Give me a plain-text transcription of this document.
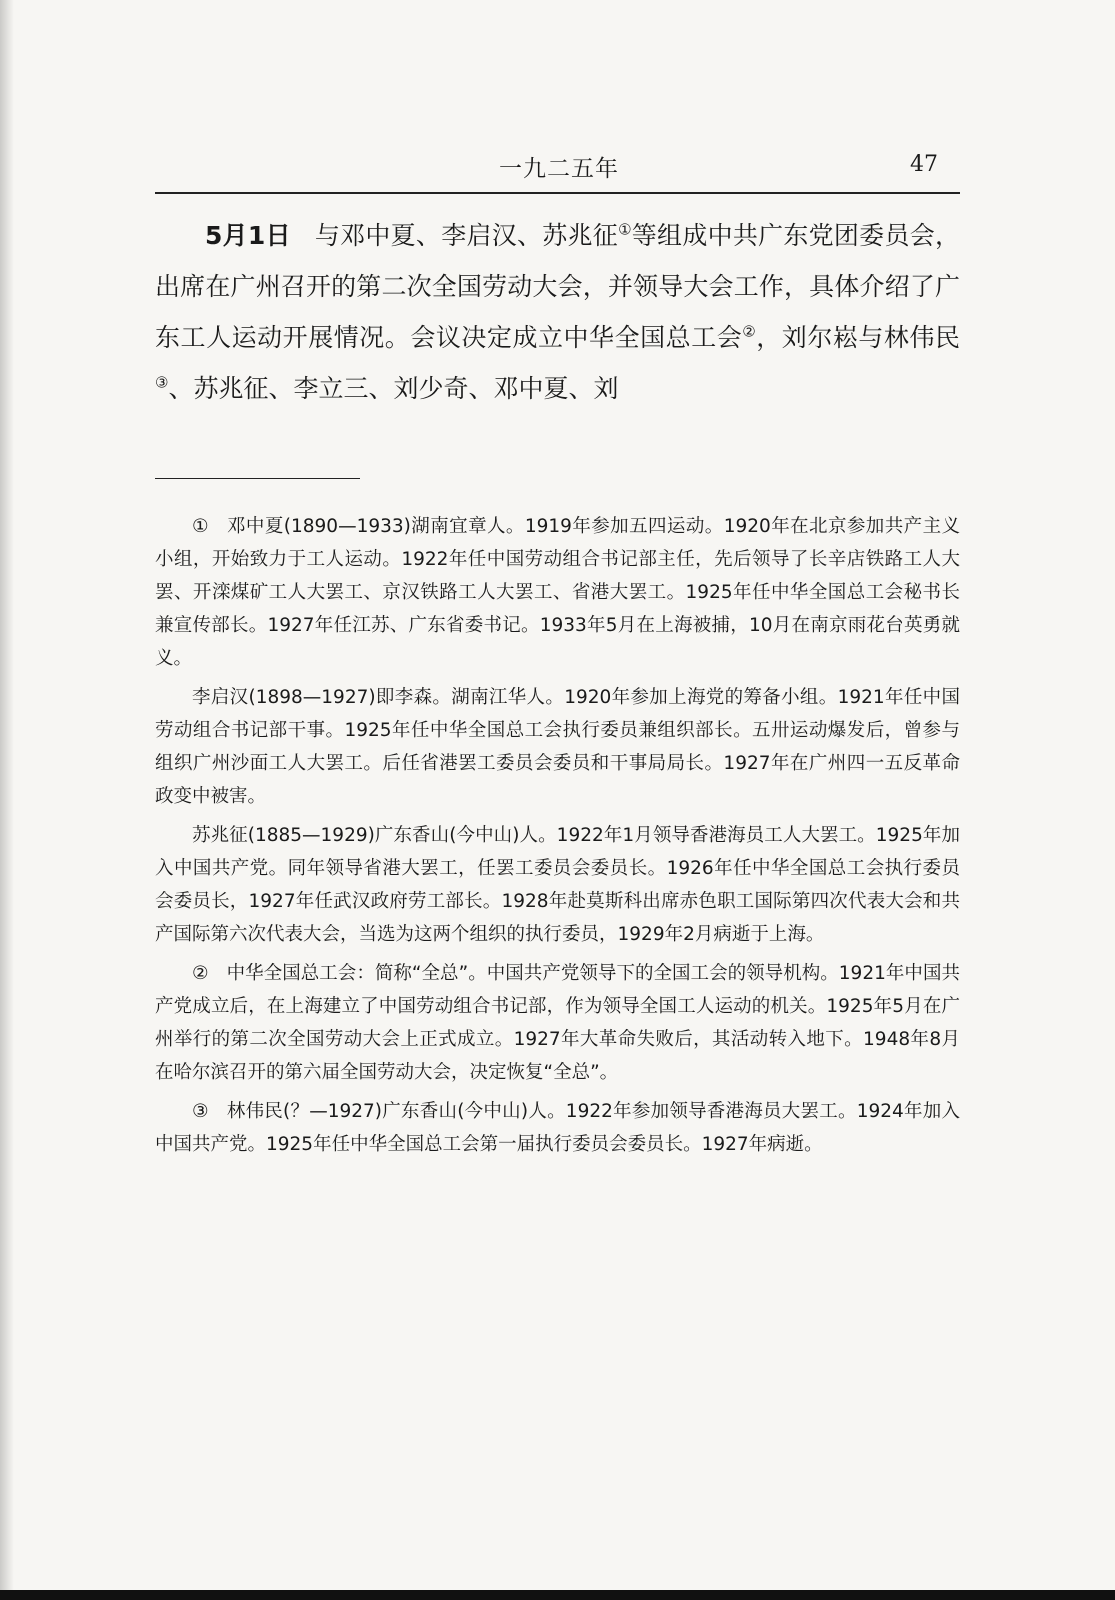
一九二五年	47

5月1日 与邓中夏、李启汉、苏兆征①等组成中共广东党团委员会，出席在广州召开的第二次全国劳动大会，并领导大会工作，具体介绍了广东工人运动开展情况。会议决定成立中华全国总工会②，刘尔崧与林伟民③、苏兆征、李立三、刘少奇、邓中夏、刘

① 邓中夏(1890—1933)湖南宜章人。1919年参加五四运动。1920年在北京参加共产主义小组，开始致力于工人运动。1922年任中国劳动组合书记部主任，先后领导了长辛店铁路工人大罢、开滦煤矿工人大罢工、京汉铁路工人大罢工、省港大罢工。1925年任中华全国总工会秘书长兼宣传部长。1927年任江苏、广东省委书记。1933年5月在上海被捕，10月在南京雨花台英勇就义。

李启汉(1898—1927)即李森。湖南江华人。1920年参加上海党的筹备小组。1921年任中国劳动组合书记部干事。1925年任中华全国总工会执行委员兼组织部长。五卅运动爆发后，曾参与组织广州沙面工人大罢工。后任省港罢工委员会委员和干事局局长。1927年在广州四一五反革命政变中被害。

苏兆征(1885—1929)广东香山(今中山)人。1922年1月领导香港海员工人大罢工。1925年加入中国共产党。同年领导省港大罢工，任罢工委员会委员长。1926年任中华全国总工会执行委员会委员长，1927年任武汉政府劳工部长。1928年赴莫斯科出席赤色职工国际第四次代表大会和共产国际第六次代表大会，当选为这两个组织的执行委员，1929年2月病逝于上海。

② 中华全国总工会：简称“全总”。中国共产党领导下的全国工会的领导机构。1921年中国共产党成立后，在上海建立了中国劳动组合书记部，作为领导全国工人运动的机关。1925年5月在广州举行的第二次全国劳动大会上正式成立。1927年大革命失败后，其活动转入地下。1948年8月在哈尔滨召开的第六届全国劳动大会，决定恢复“全总”。

③ 林伟民(？—1927)广东香山(今中山)人。1922年参加领导香港海员大罢工。1924年加入中国共产党。1925年任中华全国总工会第一届执行委员会委员长。1927年病逝。
